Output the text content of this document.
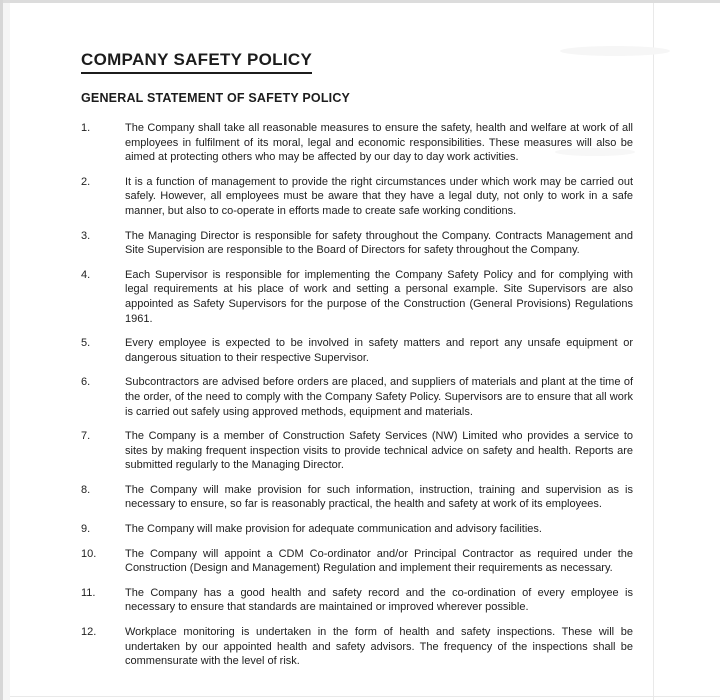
COMPANY SAFETY POLICY
GENERAL STATEMENT OF SAFETY POLICY
1.	The Company shall take all reasonable measures to ensure the safety, health and welfare at work of all employees in fulfilment of its moral, legal and economic responsibilities. These measures will also be aimed at protecting others who may be affected by our day to day work activities.
2.	It is a function of management to provide the right circumstances under which work may be carried out safely. However, all employees must be aware that they have a legal duty, not only to work in a safe manner, but also to co-operate in efforts made to create safe working conditions.
3.	The Managing Director is responsible for safety throughout the Company. Contracts Management and Site Supervision are responsible to the Board of Directors for safety throughout the Company.
4.	Each Supervisor is responsible for implementing the Company Safety Policy and for complying with legal requirements at his place of work and setting a personal example. Site Supervisors are also appointed as Safety Supervisors for the purpose of the Construction (General Provisions) Regulations 1961.
5.	Every employee is expected to be involved in safety matters and report any unsafe equipment or dangerous situation to their respective Supervisor.
6.	Subcontractors are advised before orders are placed, and suppliers of materials and plant at the time of the order, of the need to comply with the Company Safety Policy. Supervisors are to ensure that all work is carried out safely using approved methods, equipment and materials.
7.	The Company is a member of Construction Safety Services (NW) Limited who provides a service to sites by making frequent inspection visits to provide technical advice on safety and health. Reports are submitted regularly to the Managing Director.
8.	The Company will make provision for such information, instruction, training and supervision as is necessary to ensure, so far is reasonably practical, the health and safety at work of its employees.
9.	The Company will make provision for adequate communication and advisory facilities.
10.	The Company will appoint a CDM Co-ordinator and/or Principal Contractor as required under the Construction (Design and Management) Regulation and implement their requirements as necessary.
11.	The Company has a good health and safety record and the co-ordination of every employee is necessary to ensure that standards are maintained or improved wherever possible.
12.	Workplace monitoring is undertaken in the form of health and safety inspections. These will be undertaken by our appointed health and safety advisors. The frequency of the inspections shall be commensurate with the level of risk.
